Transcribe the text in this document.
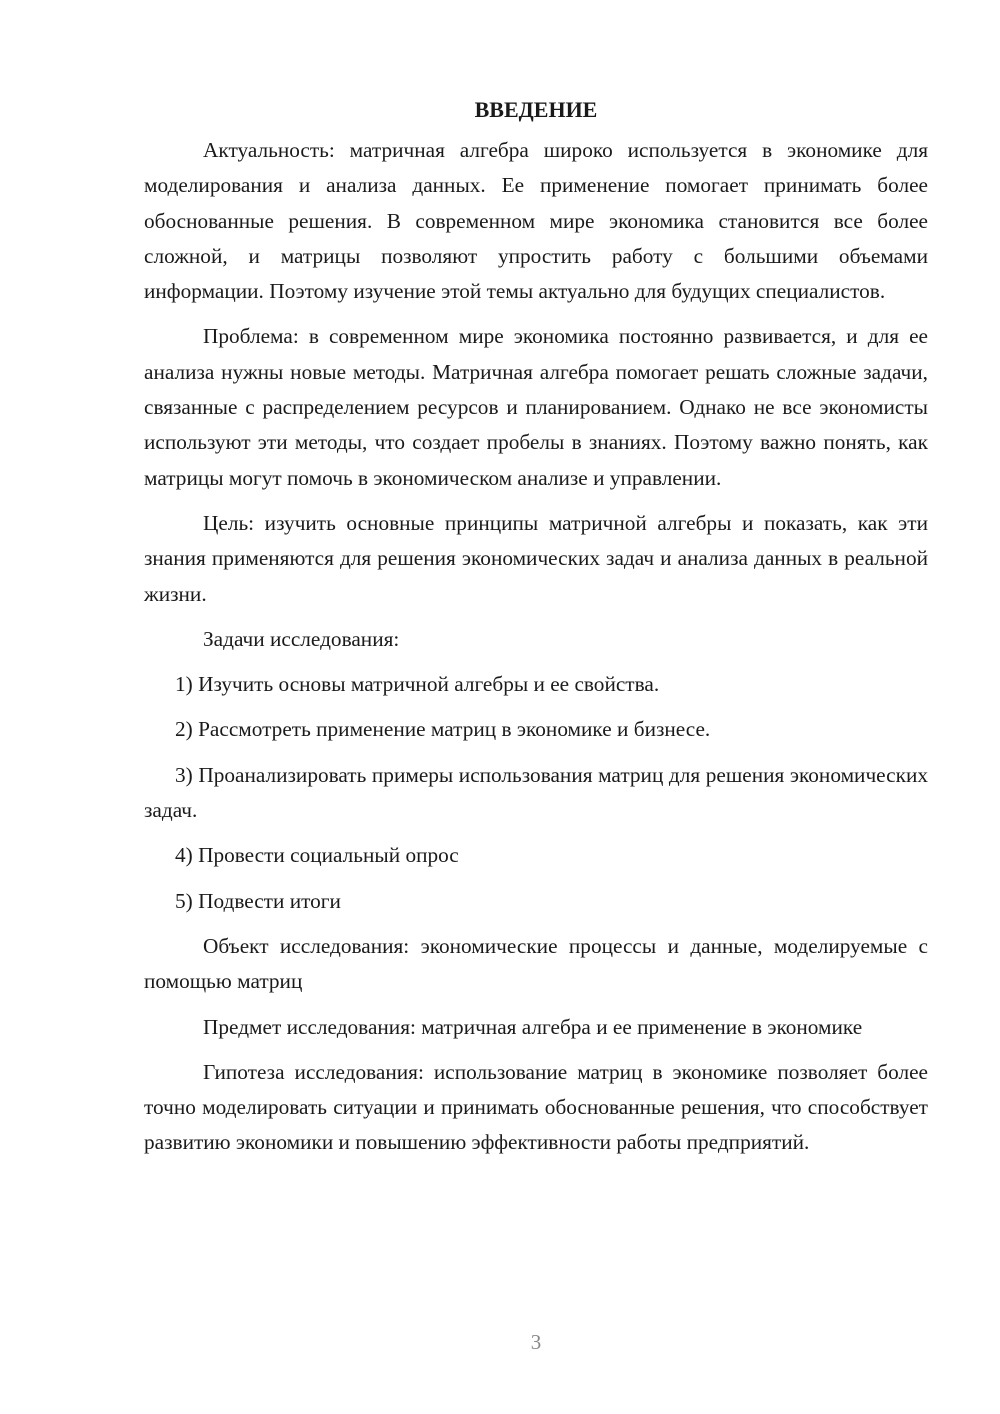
ВВЕДЕНИЕ

Актуальность: матричная алгебра широко используется в экономике для моделирования и анализа данных. Ее применение помогает принимать более обоснованные решения. В современном мире экономика становится все более сложной, и матрицы позволяют упростить работу с большими объемами информации. Поэтому изучение этой темы актуально для будущих специалистов.

Проблема: в современном мире экономика постоянно развивается, и для ее анализа нужны новые методы. Матричная алгебра помогает решать сложные задачи, связанные с распределением ресурсов и планированием. Однако не все экономисты используют эти методы, что создает пробелы в знаниях. Поэтому важно понять, как матрицы могут помочь в экономическом анализе и управлении.

Цель: изучить основные принципы матричной алгебры и показать, как эти знания применяются для решения экономических задач и анализа данных в реальной жизни.

Задачи исследования:

1) Изучить основы матричной алгебры и ее свойства.

2) Рассмотреть применение матриц в экономике и бизнесе.

3) Проанализировать примеры использования матриц для решения экономических задач.

4) Провести социальный опрос

5) Подвести итоги

Объект исследования: экономические процессы и данные, моделируемые с помощью матриц

Предмет исследования: матричная алгебра и ее применение в экономике

Гипотеза исследования: использование матриц в экономике позволяет более точно моделировать ситуации и принимать обоснованные решения, что способствует развитию экономики и повышению эффективности работы предприятий.

3
